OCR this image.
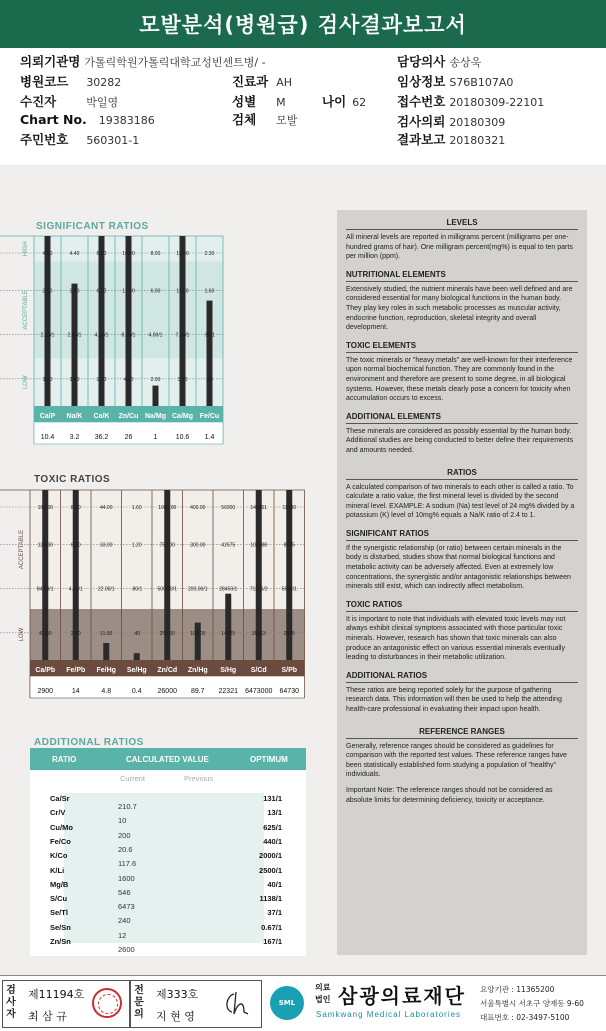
모발분석(병원급) 검사결과보고서
의뢰기관명 가톨릭학원가톨릭대학교성빈센트병/ -
병원코드 30282
수진자	박일영
Chart No. 19383186
주민번호 560301-1
진료과 AH
성별 M	나이 62
검체 모발
담당의사 송상욱
임상정보 S76B107A0
접수번호 20180309-22101
검사의뢰 20180309
결과보고 20180321
SIGNIFICANT RATIOS
HIGH
ACCEPTABLE
LOW
4.00
3.00
2.00/1
1.50
4.40
3.40
2.40/1
1.40
8.20
6.20
4.20/1
2.20
16.00
12.00
8.00/1
4.00
8.00
6.00
4.00/1
2.00
15.00
11.00
7.00/1
3.00
2.30
1.60
.90/1
.20
Ca/P Na/K Ca/K Zn/Cu Na/Mg Ca/Mg Fe/Cu
10.4 3.2 36.2 26	1	10.6 1.4
TOXIC RATIOS
ACCEPTABLE
LOW
168.00
126.00
84.00/1
42.00
8.80
6.60
4.40/1
2.20
44.00
33.00
22.00/1
11.00
1.60
1.20
.80/1
.40
1000.00
750.00
500.00/1
250.00
400.00
300.00
200.00/1
100.00
56900
42675
28450/1
14225
142261
106688
71126/2
35563
11380
8535
5690/1
2845
Ca/Pb Fe/Pb Fe/Hg Se/Hg Zn/Cd Zn/Hg S/Hg S/Cd S/Pb
2900	14	4.8	0.4 26000 89.7 22321 6473000 64730
ADDITIONAL RATIOS
RATIO	CALCULATED VALUE	OPTIMUM
Current	Previous
Ca/Sr
210.7
131/1
Cr/V
10
13/1
Cu/Mo
200
625/1
Fe/Co
20.6
440/1
K/Co
117.6
2000/1
K/Li
1600
2500/1
Mg/B
546
40/1
S/Cu
6473
1138/1
Se/Tl
240
37/1
Se/Sn
12
0.67/1
Zn/Sn
2600
167/1
LEVELS
All mineral levels are reported in milligrams percent (milligrams per one-hundred grams of hair). One milligram percent(mg%) is equal to ten parts per million (ppm).
NUTRITIONAL ELEMENTS
Extensively studied, the nutrient minerals have been well defined and are considered essential for many biological functions in the human body. They play key roles in such metabolic processes as muscular activity, endocrine function, reproduction, skeletal integrity and overall development.
TOXIC ELEMENTS
The toxic minerals or "heavy metals" are well-known for their interference upon normal biochemical function. They are commonly found in the environment and therefore are present to some degree, in all biological systems. However, these metals clearly pose a concern for toxicity when accumulation occurs to excess.
ADDITIONAL ELEMENTS
These minerals are considered as possibly essential by the human body. Additional studies are being conducted to better define their requirements and amounts needed.
RATIOS
A calculated comparison of two minerals to each other is called a ratio. To calculate a ratio value, the first mineral level is divided by the second mineral level. EXAMPLE: A sodium (Na) test level of 24 mg% divided by a potassium (K) level of 10mg% equals a Na/K ratio of 2.4 to 1.
SIGNIFICANT RATIOS
If the synergistic relationship (or ratio) between certain minerals in the body is disturbed, studies show that normal biological functions and metabolic activity can be adversely affected. Even at extremely low concentrations, the synergistic and/or antagonistic relationships between minerals still exist, which can indirectly affect metabolism.
TOXIC RATIOS
It is important to note that individuals with elevated toxic levels may not always exhibit clinical symptoms associated with those particular toxic minerals. However, research has shown that toxic minerals can also produce an antagonistic effect on various essential minerals eventually leading to disturbances in their metabolic utilization.
ADDITIONAL RATIOS
These ratios are being reported solely for the purpose of gathering research data. This information will then be used to help the attending health-care professional in evaluating their impact upon health.
REFERENCE RANGES
Generally, reference ranges should be considered as guidelines for comparison with the reported test values. These reference ranges have been statistically established form studying a population of "healthy" individuals.
Important Note: The reference ranges should not be considered as absolute limits for determining deficiency, toxicity or acceptance.
검사자
제11194호
최 삼 규
전문의
제333호
지 현 영
SML
의료
법인 삼광의료재단
Samkwang Medical Laboratories
요양기관 : 11365200
서울특별시 서초구 양재동 9-60
대표번호 : 02-3497-5100
